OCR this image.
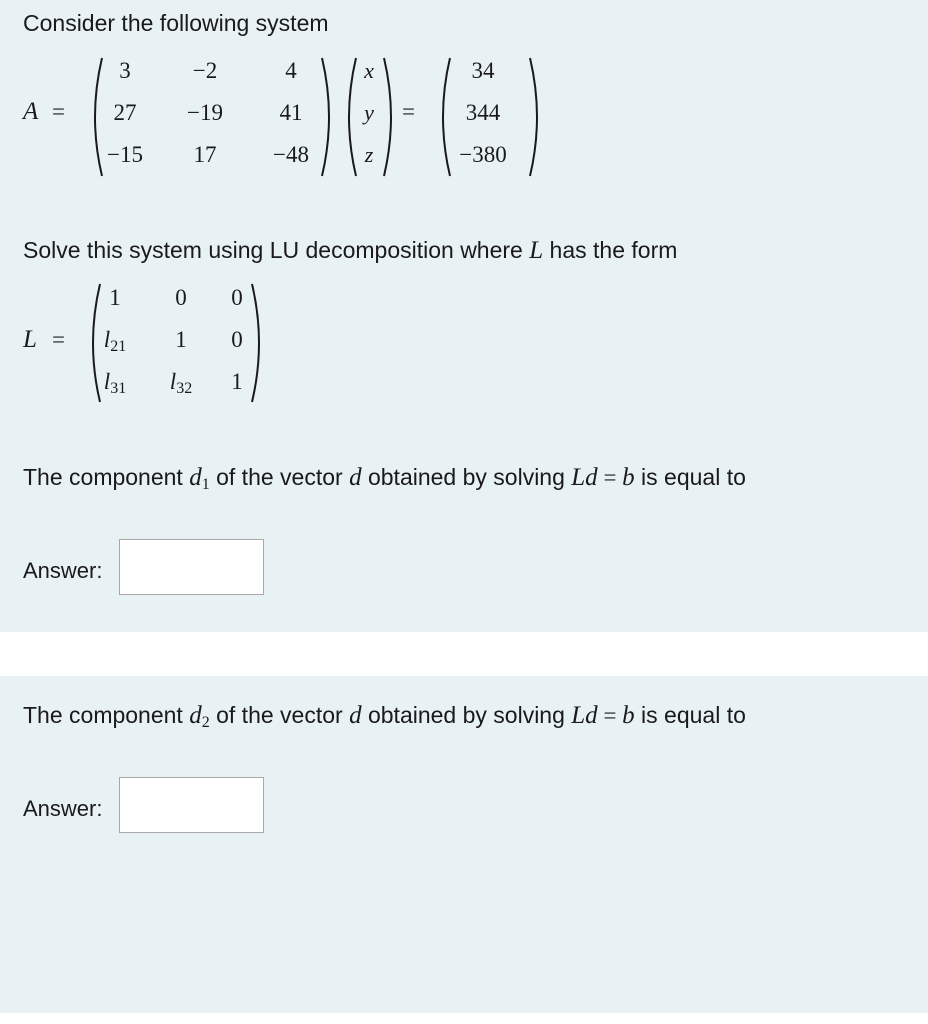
Consider the following system
A =
3	−2	4
27	−19	41
−15	17	−48
x
y
z
=
34
344
−380
Solve this system using LU decomposition where L has the form
L =
1	0	0
$l_{21}$	1	0
$l_{31}$	$l_{32}$	1
The component $d_1$ of the vector d obtained by solving Ld = b is equal to
Answer:
The component $d_2$ of the vector d obtained by solving Ld = b is equal to
Answer:
